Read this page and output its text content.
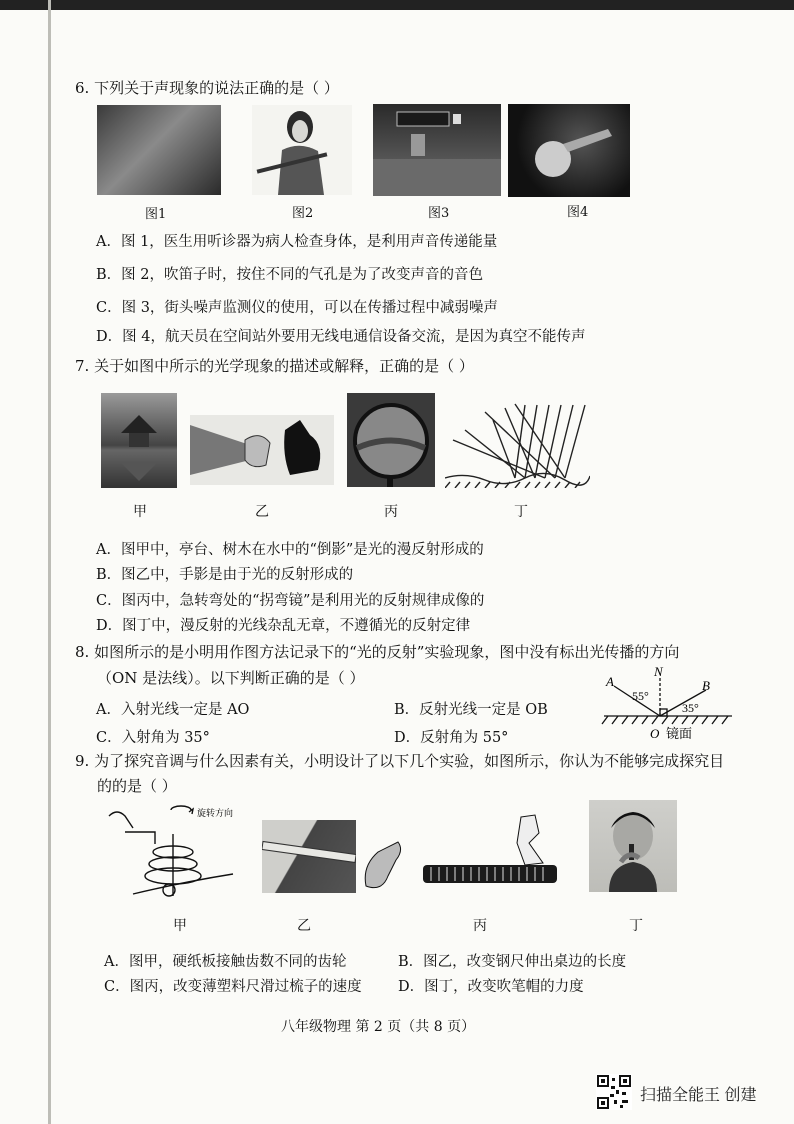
6. 下列关于声现象的说法正确的是（ ）
图1	图2	图3	图4
A．图 1，医生用听诊器为病人检查身体，是利用声音传递能量
B．图 2，吹笛子时，按住不同的气孔是为了改变声音的音色
C．图 3，街头噪声监测仪的使用，可以在传播过程中减弱噪声
D．图 4，航天员在空间站外要用无线电通信设备交流，是因为真空不能传声
7. 关于如图中所示的光学现象的描述或解释，正确的是（ ）
甲	乙	丙	丁
A．图甲中，亭台、树木在水中的“倒影”是光的漫反射形成的
B．图乙中，手影是由于光的反射形成的
C．图丙中，急转弯处的“拐弯镜”是利用光的反射规律成像的
D．图丁中，漫反射的光线杂乱无章，不遵循光的反射定律
8. 如图所示的是小明用作图方法记录下的“光的反射”实验现象，图中没有标出光传播的方向
（ON 是法线）。以下判断正确的是（ ）
A．入射光线一定是 AO	B．反射光线一定是 OB
C．入射角为 35°	D．反射角为 55°
A
N
B
O
55°
35°
镜面
9. 为了探究音调与什么因素有关，小明设计了以下几个实验，如图所示，你认为不能够完成探究目
的的是（ ）
旋转方向
甲	乙	丙	丁
A．图甲，硬纸板接触齿数不同的齿轮	B．图乙，改变钢尺伸出桌边的长度
C．图丙，改变薄塑料尺滑过梳子的速度	D．图丁，改变吹笔帽的力度
八年级物理 第 2 页（共 8 页）
扫描全能王 创建
